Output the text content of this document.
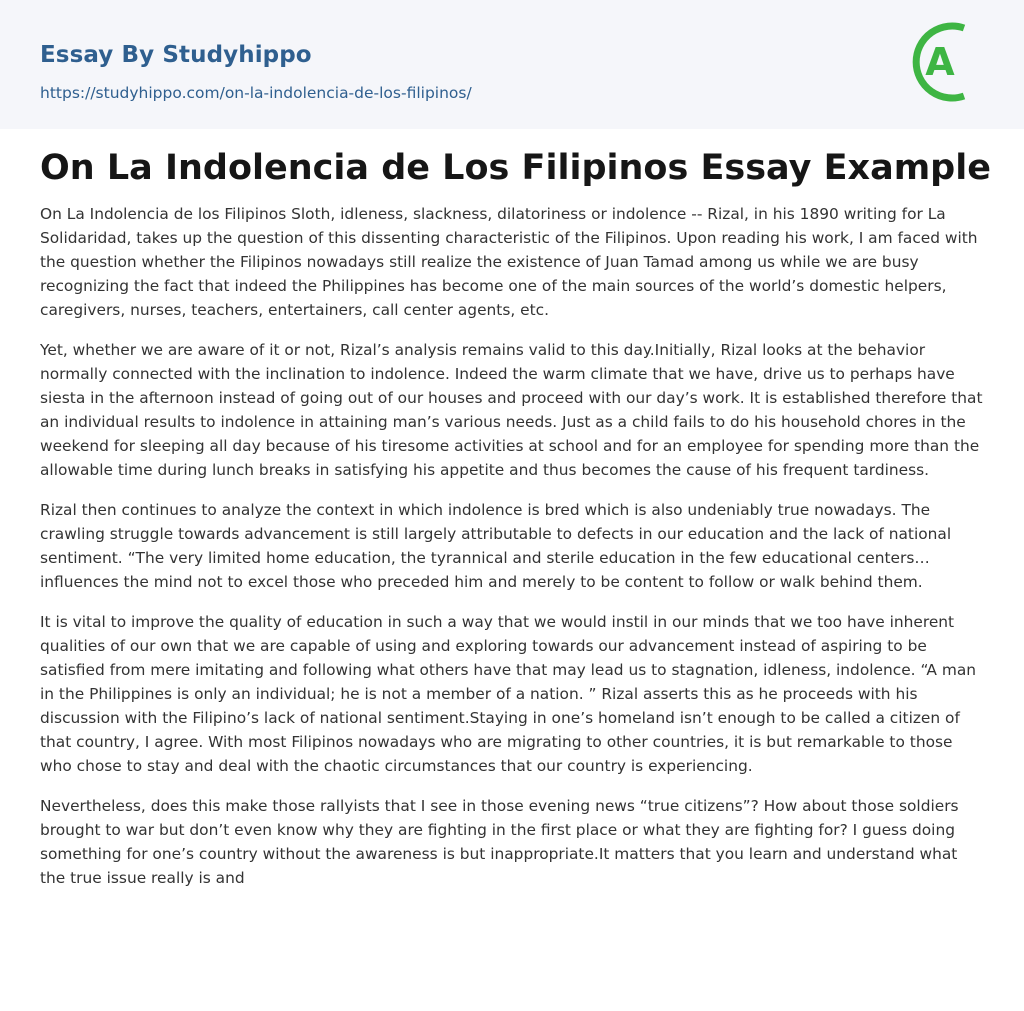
Essay By Studyhippo
https://studyhippo.com/on-la-indolencia-de-los-filipinos/
A
On La Indolencia de Los Filipinos Essay Example

On La Indolencia de los Filipinos Sloth, idleness, slackness, dilatoriness or indolence -- Rizal, in his 1890 writing for La Solidaridad, takes up the question of this dissenting characteristic of the Filipinos. Upon reading his work, I am faced with the question whether the Filipinos nowadays still realize the existence of Juan Tamad among us while we are busy recognizing the fact that indeed the Philippines has become one of the main sources of the world’s domestic helpers, caregivers, nurses, teachers, entertainers, call center agents, etc.

Yet, whether we are aware of it or not, Rizal’s analysis remains valid to this day.Initially, Rizal looks at the behavior normally connected with the inclination to indolence. Indeed the warm climate that we have, drive us to perhaps have siesta in the afternoon instead of going out of our houses and proceed with our day’s work. It is established therefore that an individual results to indolence in attaining man’s various needs. Just as a child fails to do his household chores in the weekend for sleeping all day because of his tiresome activities at school and for an employee for spending more than the allowable time during lunch breaks in satisfying his appetite and thus becomes the cause of his frequent tardiness.

Rizal then continues to analyze the context in which indolence is bred which is also undeniably true nowadays. The crawling struggle towards advancement is still largely attributable to defects in our education and the lack of national sentiment. “The very limited home education, the tyrannical and sterile education in the few educational centers… influences the mind not to excel those who preceded him and merely to be content to follow or walk behind them.

It is vital to improve the quality of education in such a way that we would instil in our minds that we too have inherent qualities of our own that we are capable of using and exploring towards our advancement instead of aspiring to be satisfied from mere imitating and following what others have that may lead us to stagnation, idleness, indolence. “A man in the Philippines is only an individual; he is not a member of a nation. ” Rizal asserts this as he proceeds with his discussion with the Filipino’s lack of national sentiment.Staying in one’s homeland isn’t enough to be called a citizen of that country, I agree. With most Filipinos nowadays who are migrating to other countries, it is but remarkable to those who chose to stay and deal with the chaotic circumstances that our country is experiencing.

Nevertheless, does this make those rallyists that I see in those evening news “true citizens”? How about those soldiers brought to war but don’t even know why they are fighting in the first place or what they are fighting for? I guess doing something for one’s country without the awareness is but inappropriate.It matters that you learn and understand what the true issue really is and
